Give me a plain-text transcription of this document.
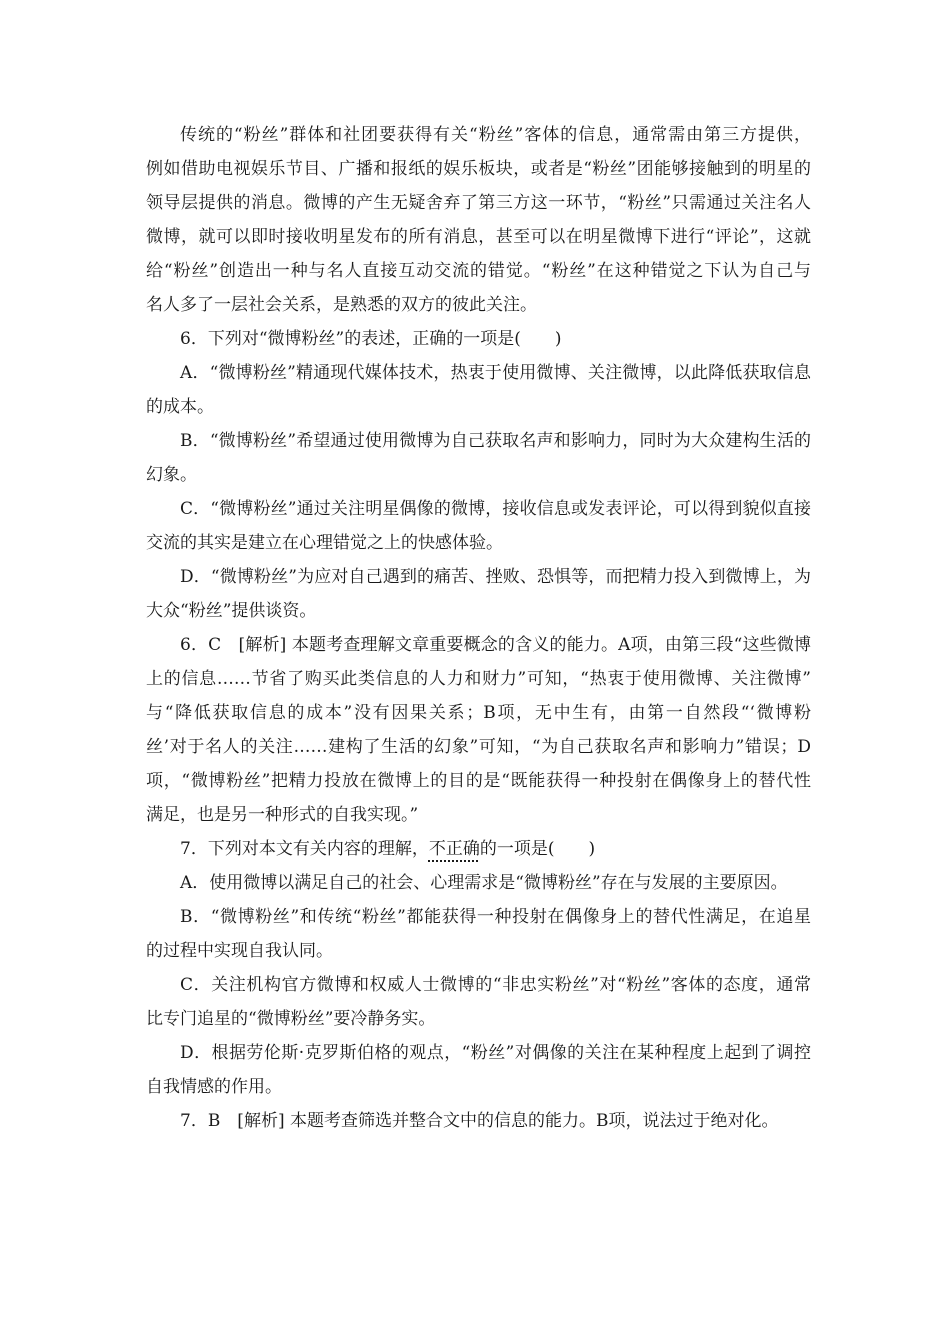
传统的“粉丝”群体和社团要获得有关“粉丝”客体的信息，通常需由第三方提供，
例如借助电视娱乐节目、广播和报纸的娱乐板块，或者是“粉丝”团能够接触到的明星的
领导层提供的消息。微博的产生无疑舍弃了第三方这一环节，“粉丝”只需通过关注名人
微博，就可以即时接收明星发布的所有消息，甚至可以在明星微博下进行“评论”，这就
给“粉丝”创造出一种与名人直接互动交流的错觉。“粉丝”在这种错觉之下认为自己与
名人多了一层社会关系，是熟悉的双方的彼此关注。
6．下列对“微博粉丝”的表述，正确的一项是(　　)
A．“微博粉丝”精通现代媒体技术，热衷于使用微博、关注微博，以此降低获取信息
的成本。
B．“微博粉丝”希望通过使用微博为自己获取名声和影响力，同时为大众建构生活的
幻象。
C．“微博粉丝”通过关注明星偶像的微博，接收信息或发表评论，可以得到貌似直接
交流的其实是建立在心理错觉之上的快感体验。
D．“微博粉丝”为应对自己遇到的痛苦、挫败、恐惧等，而把精力投入到微博上，为
大众“粉丝”提供谈资。
6．C　[解析] 本题考查理解文章重要概念的含义的能力。A项，由第三段“这些微博
上的信息……节省了购买此类信息的人力和财力”可知，“热衷于使用微博、关注微博”
与“降低获取信息的成本”没有因果关系；B项，无中生有，由第一自然段“‘微博粉
丝’对于名人的关注……建构了生活的幻象”可知，“为自己获取名声和影响力”错误；D
项，“微博粉丝”把精力投放在微博上的目的是“既能获得一种投射在偶像身上的替代性
满足，也是另一种形式的自我实现。”
7．下列对本文有关内容的理解，不正确的一项是(　　)
A．使用微博以满足自己的社会、心理需求是“微博粉丝”存在与发展的主要原因。
B．“微博粉丝”和传统“粉丝”都能获得一种投射在偶像身上的替代性满足，在追星
的过程中实现自我认同。
C．关注机构官方微博和权威人士微博的“非忠实粉丝”对“粉丝”客体的态度，通常
比专门追星的“微博粉丝”要冷静务实。
D．根据劳伦斯·克罗斯伯格的观点，“粉丝”对偶像的关注在某种程度上起到了调控
自我情感的作用。
7．B　[解析] 本题考查筛选并整合文中的信息的能力。B项，说法过于绝对化。
